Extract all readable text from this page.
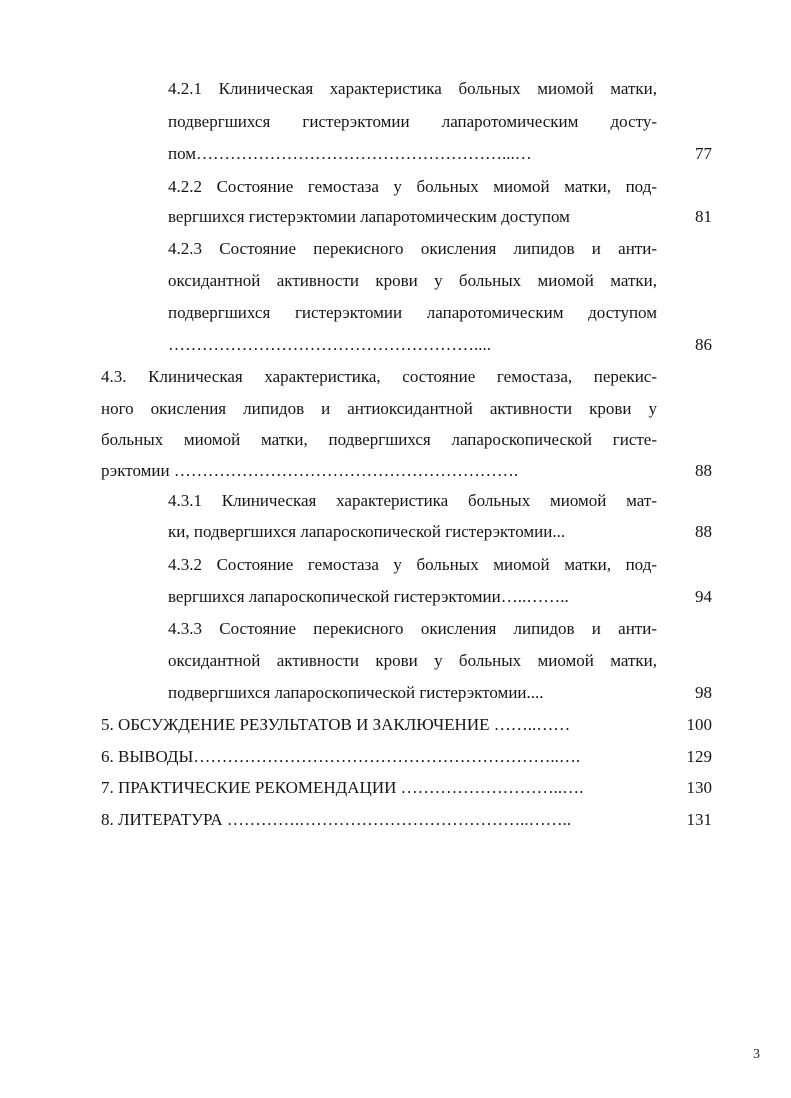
4.2.1 Клиническая характеристика больных миомой матки,
подвергшихся гистерэктомии лапаротомическим досту-
пом………………………………………………...…	77
4.2.2 Состояние гемостаза у больных миомой матки, под-
вергшихся гистерэктомии лапаротомическим доступом	81
4.2.3 Состояние перекисного окисления липидов и анти-
оксидантной активности крови у больных миомой матки,
подвергшихся гистерэктомии лапаротомическим доступом
………………………………………………....	86
4.3. Клиническая характеристика, состояние гемостаза, перекис-
ного окисления липидов и антиоксидантной активности крови у
больных миомой матки, подвергшихся лапароскопической гисте-
рэктомии …………………………………………………….	88
4.3.1 Клиническая характеристика больных миомой мат-
ки, подвергшихся лапароскопической гистерэктомии...	88
4.3.2 Состояние гемостаза у больных миомой матки, под-
вергшихся лапароскопической гистерэктомии…..……..	94
4.3.3 Состояние перекисного окисления липидов и анти-
оксидантной активности крови у больных миомой матки,
подвергшихся лапароскопической гистерэктомии....	98
5. ОБСУЖДЕНИЕ РЕЗУЛЬТАТОВ И ЗАКЛЮЧЕНИЕ ……..……	100
6. ВЫВОДЫ………………………………………………………..….	129
7. ПРАКТИЧЕСКИЕ РЕКОМЕНДАЦИИ ………………………..….	130
8. ЛИТЕРАТУРА ………….…………………………………..……..	131
3
